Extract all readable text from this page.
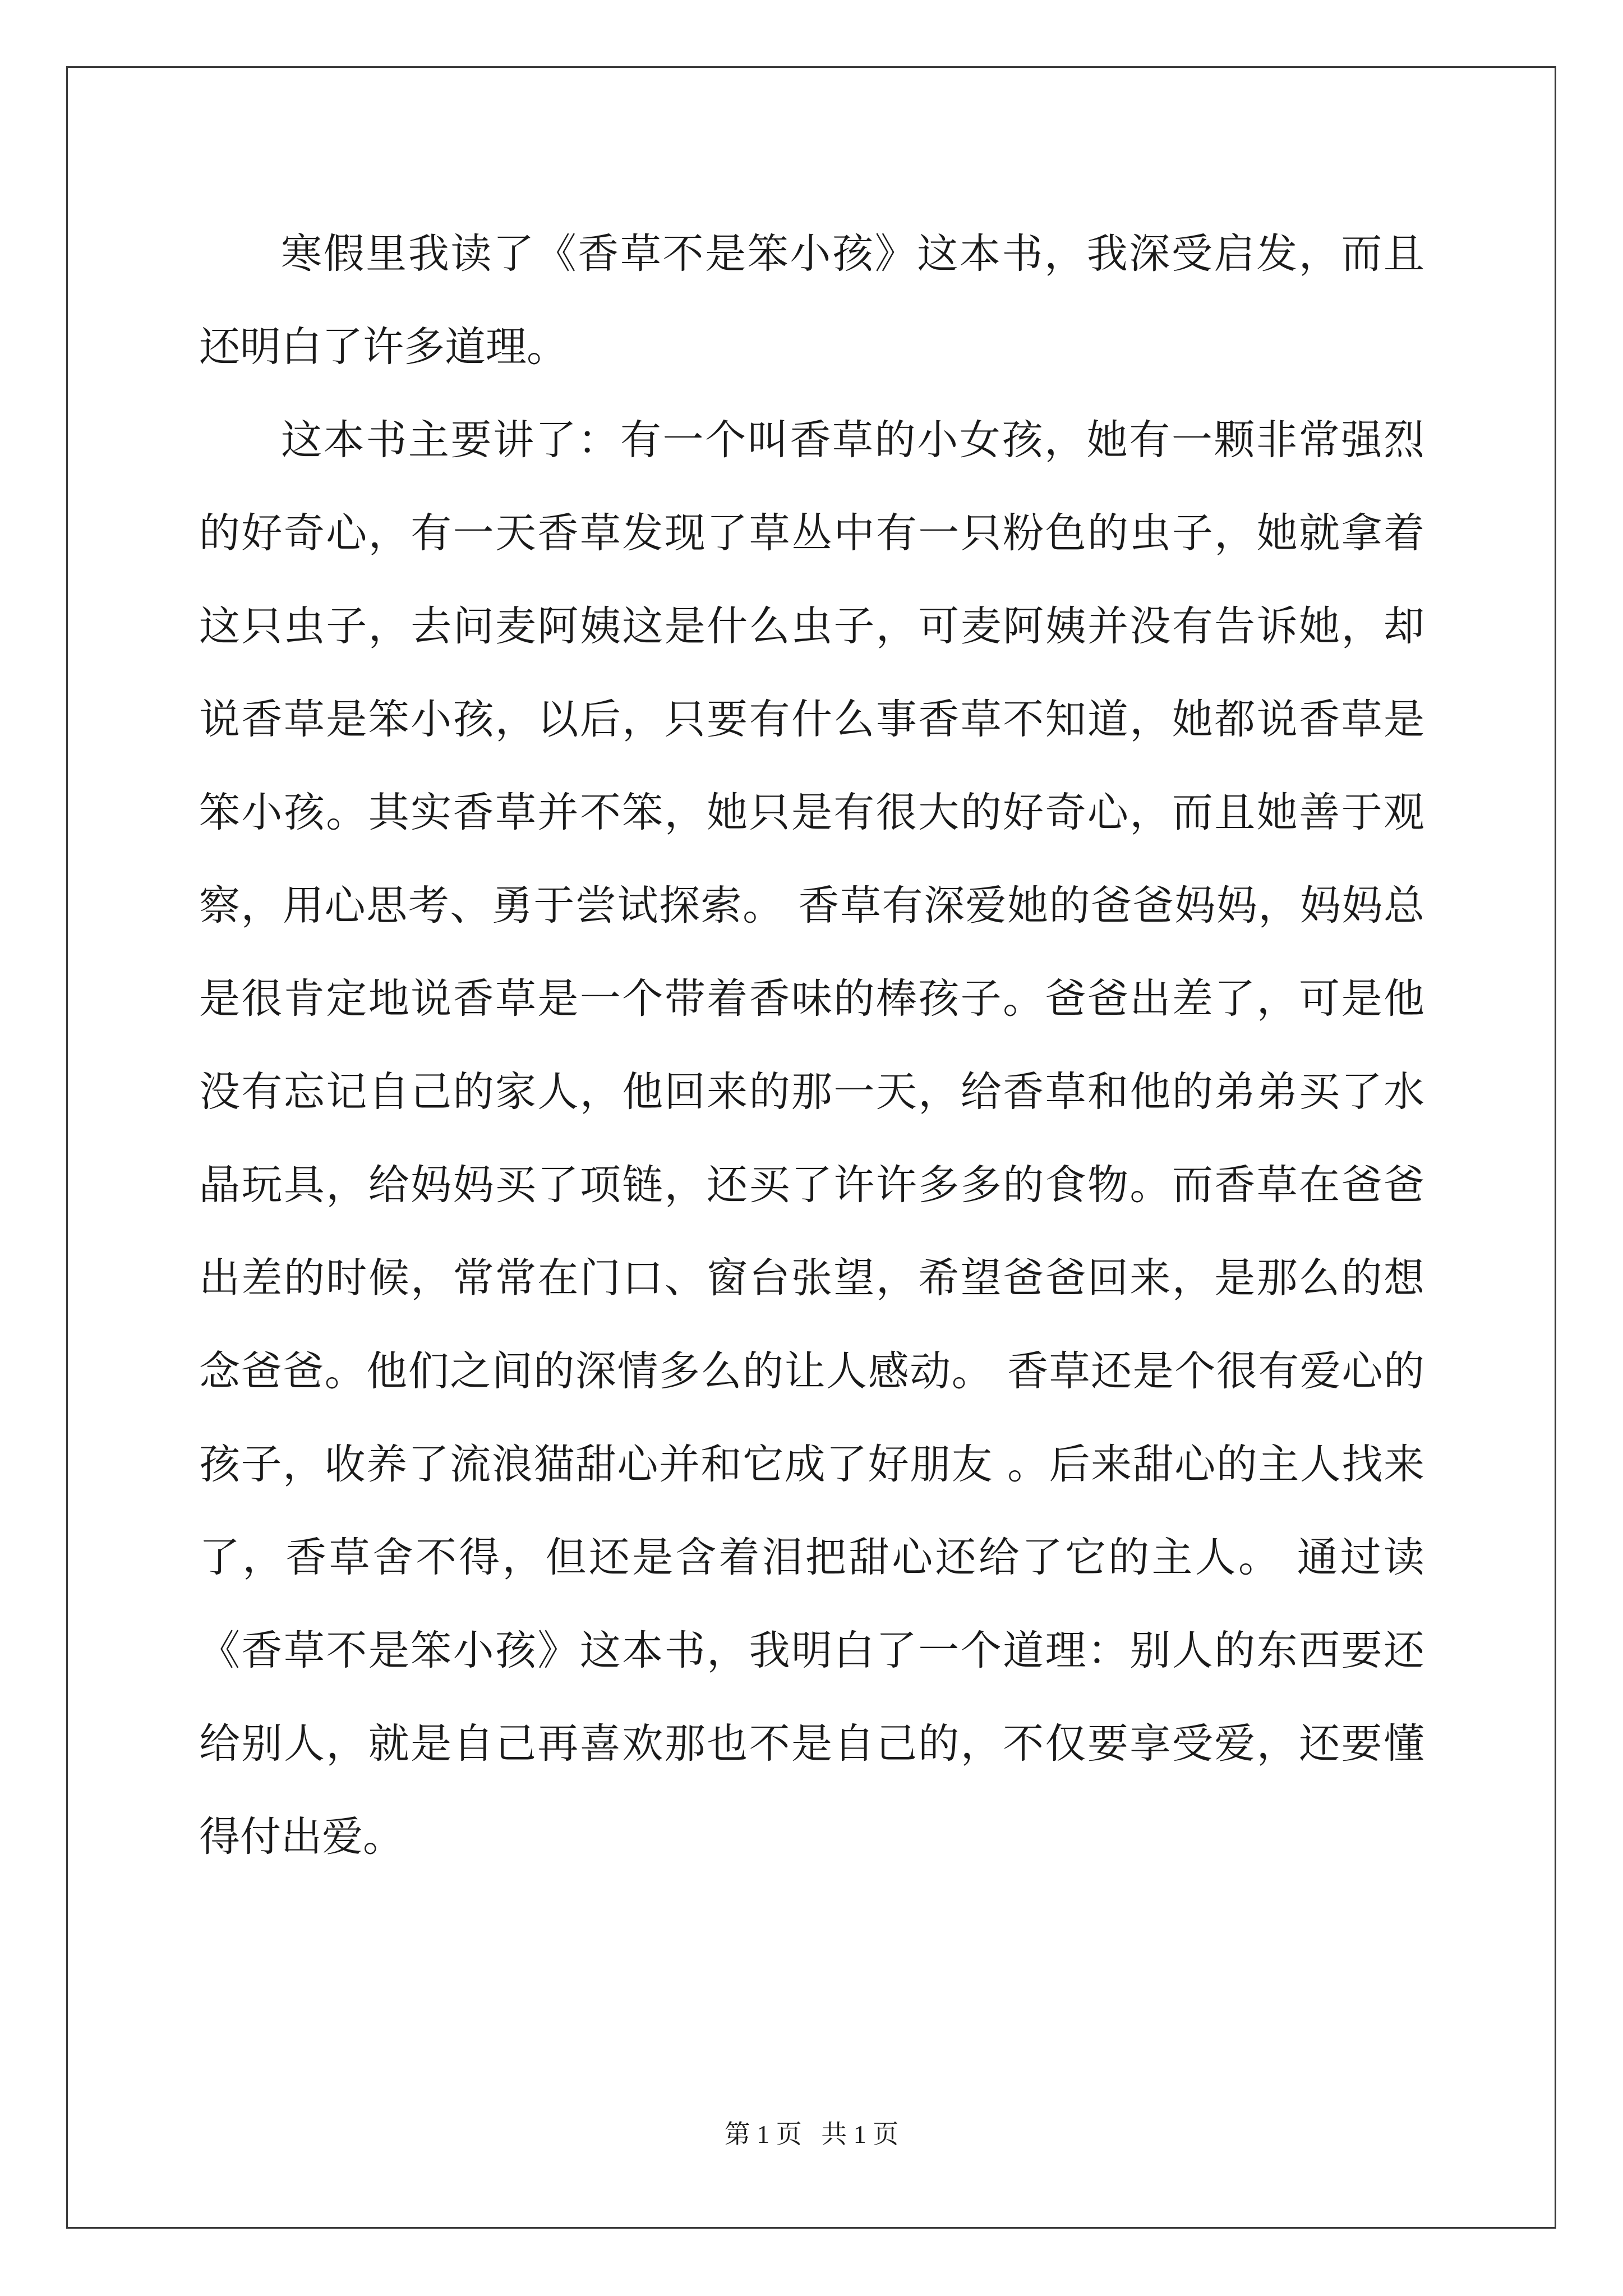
寒假里我读了《香草不是笨小孩》这本书，我深受启发，而且还明白了许多道理。

这本书主要讲了：有一个叫香草的小女孩，她有一颗非常强烈的好奇心，有一天香草发现了草丛中有一只粉色的虫子，她就拿着这只虫子，去问麦阿姨这是什么虫子，可麦阿姨并没有告诉她，却说香草是笨小孩，以后，只要有什么事香草不知道，她都说香草是笨小孩。其实香草并不笨，她只是有很大的好奇心，而且她善于观察，用心思考、勇于尝试探索。 香草有深爱她的爸爸妈妈，妈妈总是很肯定地说香草是一个带着香味的棒孩子。爸爸出差了，可是他没有忘记自己的家人，他回来的那一天，给香草和他的弟弟买了水晶玩具，给妈妈买了项链，还买了许许多多的食物。而香草在爸爸出差的时候，常常在门口、窗台张望，希望爸爸回来，是那么的想念爸爸。他们之间的深情多么的让人感动。 香草还是个很有爱心的孩子，收养了流浪猫甜心并和它成了好朋友 。后来甜心的主人找来了，香草舍不得，但还是含着泪把甜心还给了它的主人。 通过读《香草不是笨小孩》这本书，我明白了一个道理：别人的东西要还给别人，就是自己再喜欢那也不是自己的，不仅要享受爱，还要懂得付出爱。

第 1 页   共 1 页
